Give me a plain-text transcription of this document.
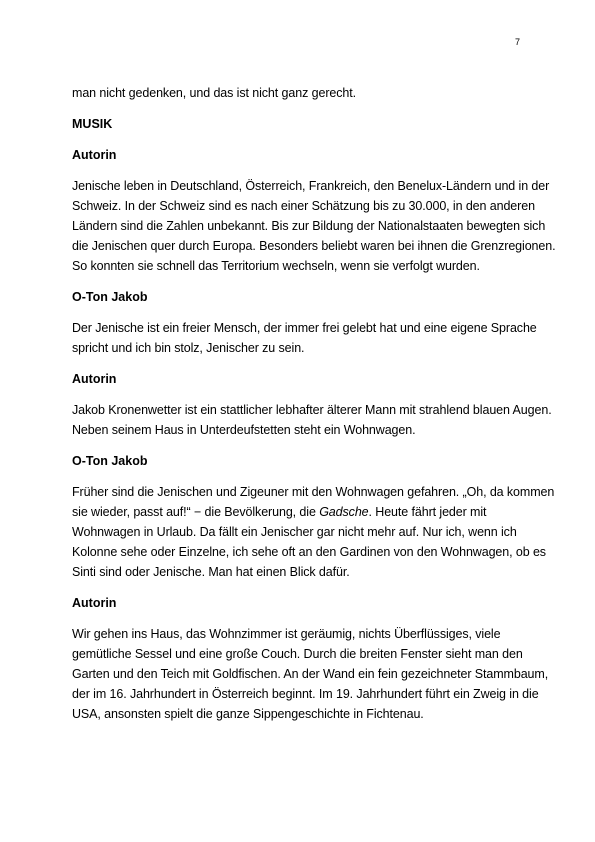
7

man nicht gedenken, und das ist nicht ganz gerecht.

MUSIK

Autorin

Jenische leben in Deutschland, Österreich, Frankreich, den Benelux-Ländern und in der Schweiz. In der Schweiz sind es nach einer Schätzung bis zu 30.000, in den anderen Ländern sind die Zahlen unbekannt. Bis zur Bildung der Nationalstaaten bewegten sich die Jenischen quer durch Europa. Besonders beliebt waren bei ihnen die Grenzregionen. So konnten sie schnell das Territorium wechseln, wenn sie verfolgt wurden.

O-Ton Jakob

Der Jenische ist ein freier Mensch, der immer frei gelebt hat und eine eigene Sprache spricht und ich bin stolz, Jenischer zu sein.

Autorin

Jakob Kronenwetter ist ein stattlicher lebhafter älterer Mann mit strahlend blauen Augen. Neben seinem Haus in Unterdeufstetten steht ein Wohnwagen.

O-Ton Jakob

Früher sind die Jenischen und Zigeuner mit den Wohnwagen gefahren. „Oh, da kommen sie wieder, passt auf!“ − die Bevölkerung, die Gadsche. Heute fährt jeder mit Wohnwagen in Urlaub. Da fällt ein Jenischer gar nicht mehr auf. Nur ich, wenn ich Kolonne sehe oder Einzelne, ich sehe oft an den Gardinen von den Wohnwagen, ob es Sinti sind oder Jenische. Man hat einen Blick dafür.

Autorin

Wir gehen ins Haus, das Wohnzimmer ist geräumig, nichts Überflüssiges, viele gemütliche Sessel und eine große Couch. Durch die breiten Fenster sieht man den Garten und den Teich mit Goldfischen. An der Wand ein fein gezeichneter Stammbaum, der im 16. Jahrhundert in Österreich beginnt. Im 19. Jahrhundert führt ein Zweig in die USA, ansonsten spielt die ganze Sippengeschichte in Fichtenau.
